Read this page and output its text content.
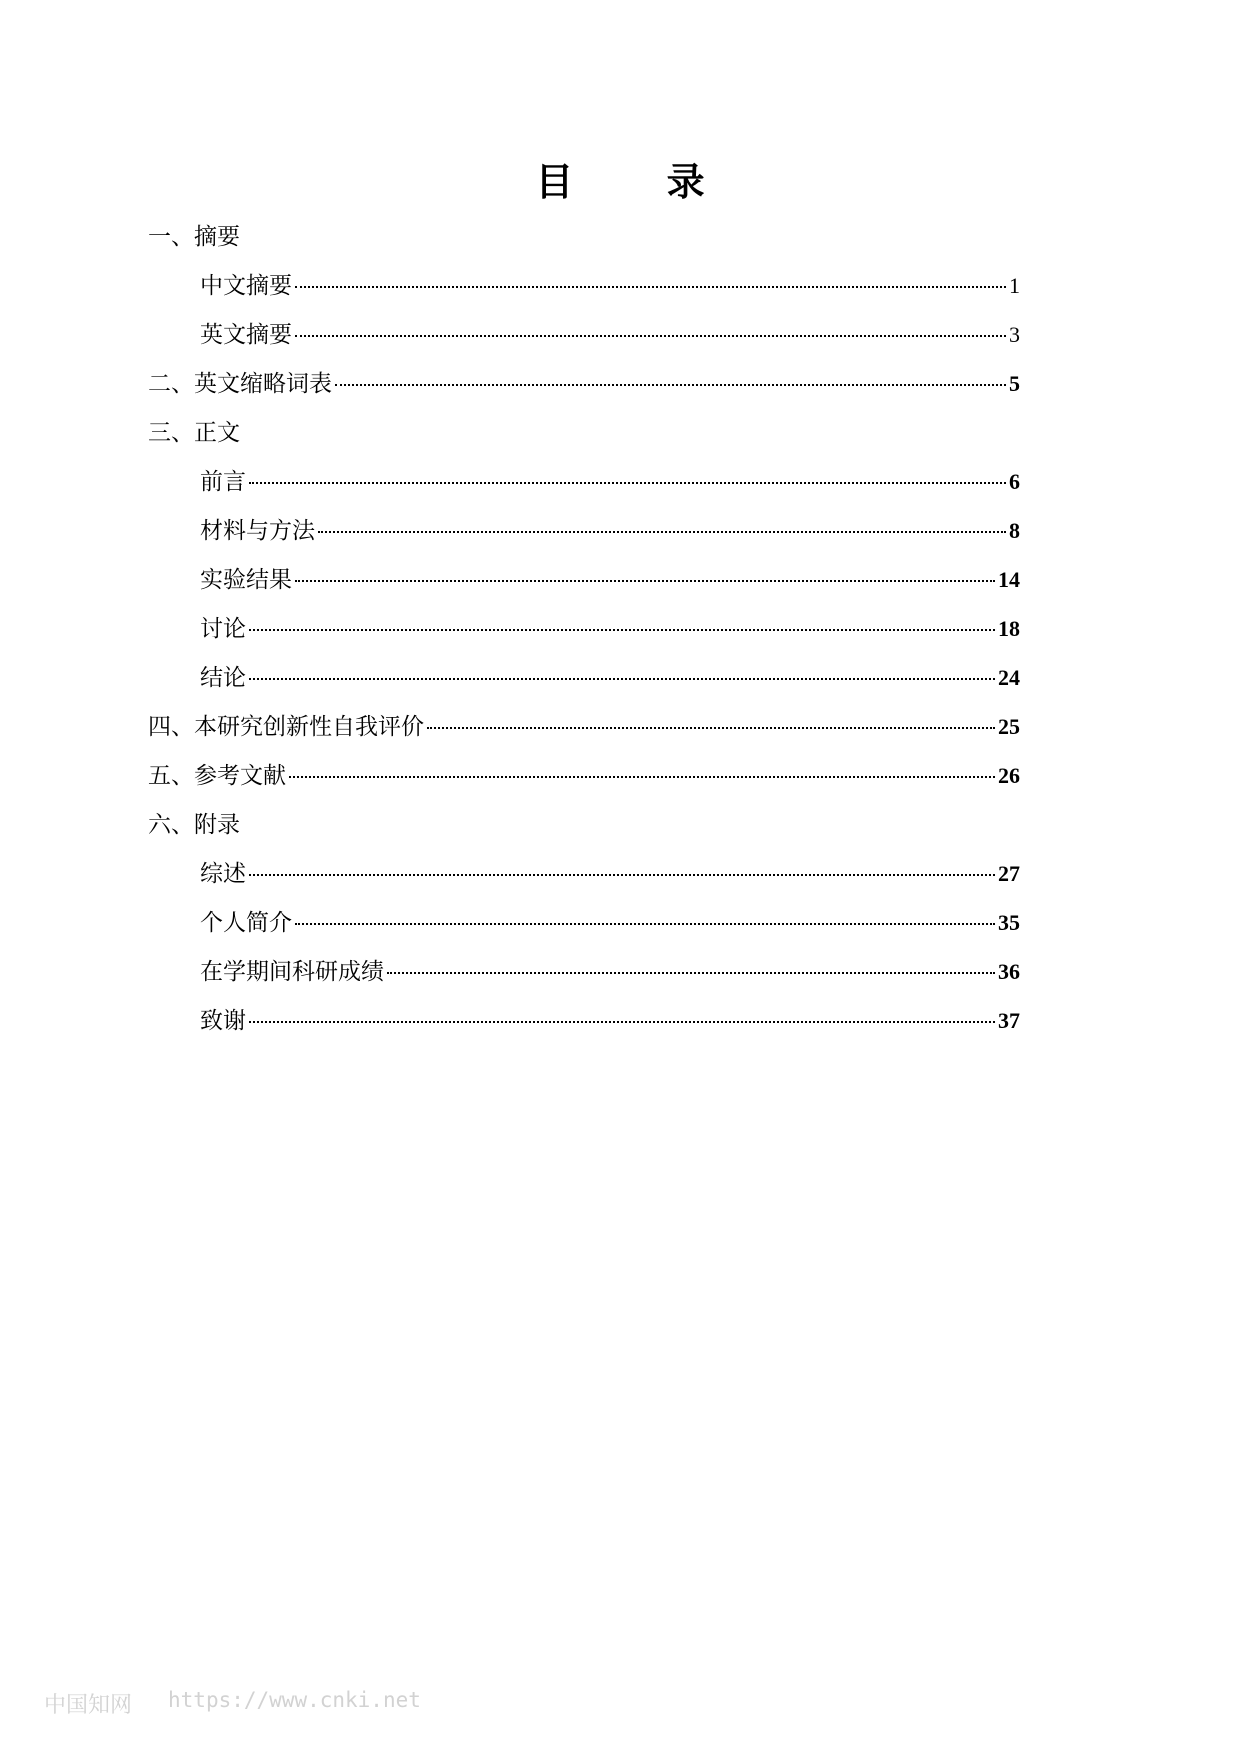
目 录
一、摘要
中文摘要	1
英文摘要	3
二、英文缩略词表	5
三、正文
前言	6
材料与方法	8
实验结果	14
讨论	18
结论	24
四、本研究创新性自我评价	25
五、参考文献	26
六、附录
综述	27
个人简介	35
在学期间科研成绩	36
致谢	37
中国知网 https://www.cnki.net
